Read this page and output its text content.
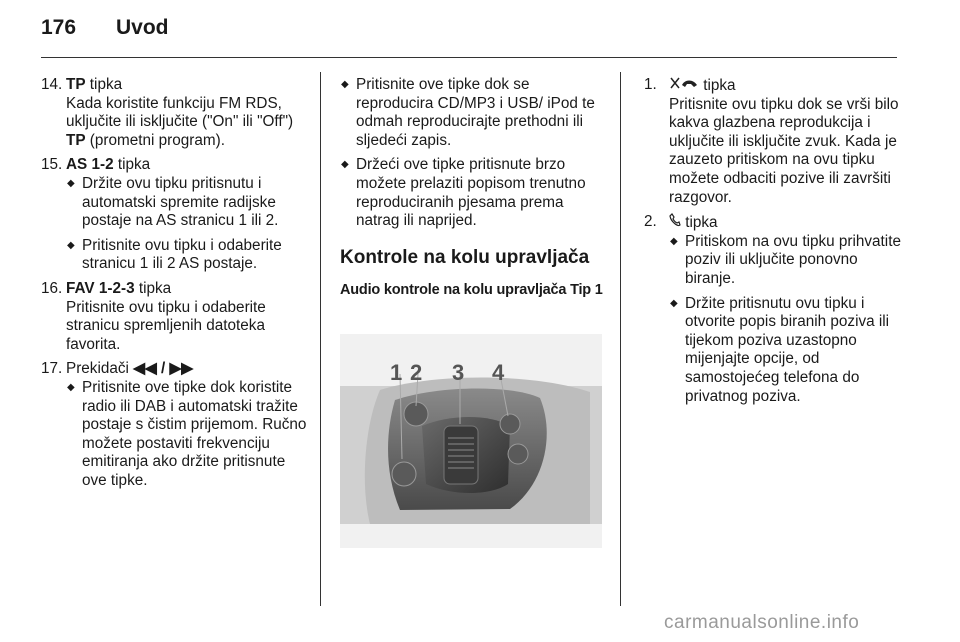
176 Uvod
14. TP tipka
Kada koristite funkciju FM RDS, uključite ili isključite ("On" ili "Off") TP (prometni program).
15. AS 1-2 tipka
◆ Držite ovu tipku pritisnutu i automatski spremite radijske postaje na AS stranicu 1 ili 2.
◆ Pritisnite ovu tipku i odaberite stranicu 1 ili 2 AS postaje.
16. FAV 1-2-3 tipka
Pritisnite ovu tipku i odaberite stranicu spremljenih datoteka favorita.
17. Prekidači ◀◀ / ▶▶
◆ Pritisnite ove tipke dok koristite radio ili DAB i automatski tražite postaje s čistim prijemom. Ručno možete postaviti frekvenciju emitiranja ako držite pritisnute ove tipke.
◆ Pritisnite ove tipke dok se reproducira CD/MP3 i USB/ iPod te odmah reproducirajte prethodni ili sljedeći zapis.
◆ Držeći ove tipke pritisnute brzo možete prelaziti popisom trenutno reproduciranih pjesama prema natrag ili naprijed.
Kontrole na kolu upravljača
Audio kontrole na kolu upravljača Tip 1
1 2 3 4
1.	tipka
Pritisnite ovu tipku dok se vrši bilo kakva glazbena reprodukcija i uključite ili isključite zvuk. Kada je zauzeto pritiskom na ovu tipku možete odbaciti pozive ili završiti razgovor.
2. tipka
◆ Pritiskom na ovu tipku prihvatite poziv ili uključite ponovno biranje.
◆ Držite pritisnutu ovu tipku i otvorite popis biranih poziva ili tijekom poziva uzastopno mijenjajte opcije, od samostojećeg telefona do privatnog poziva.
carmanualsonline.info
